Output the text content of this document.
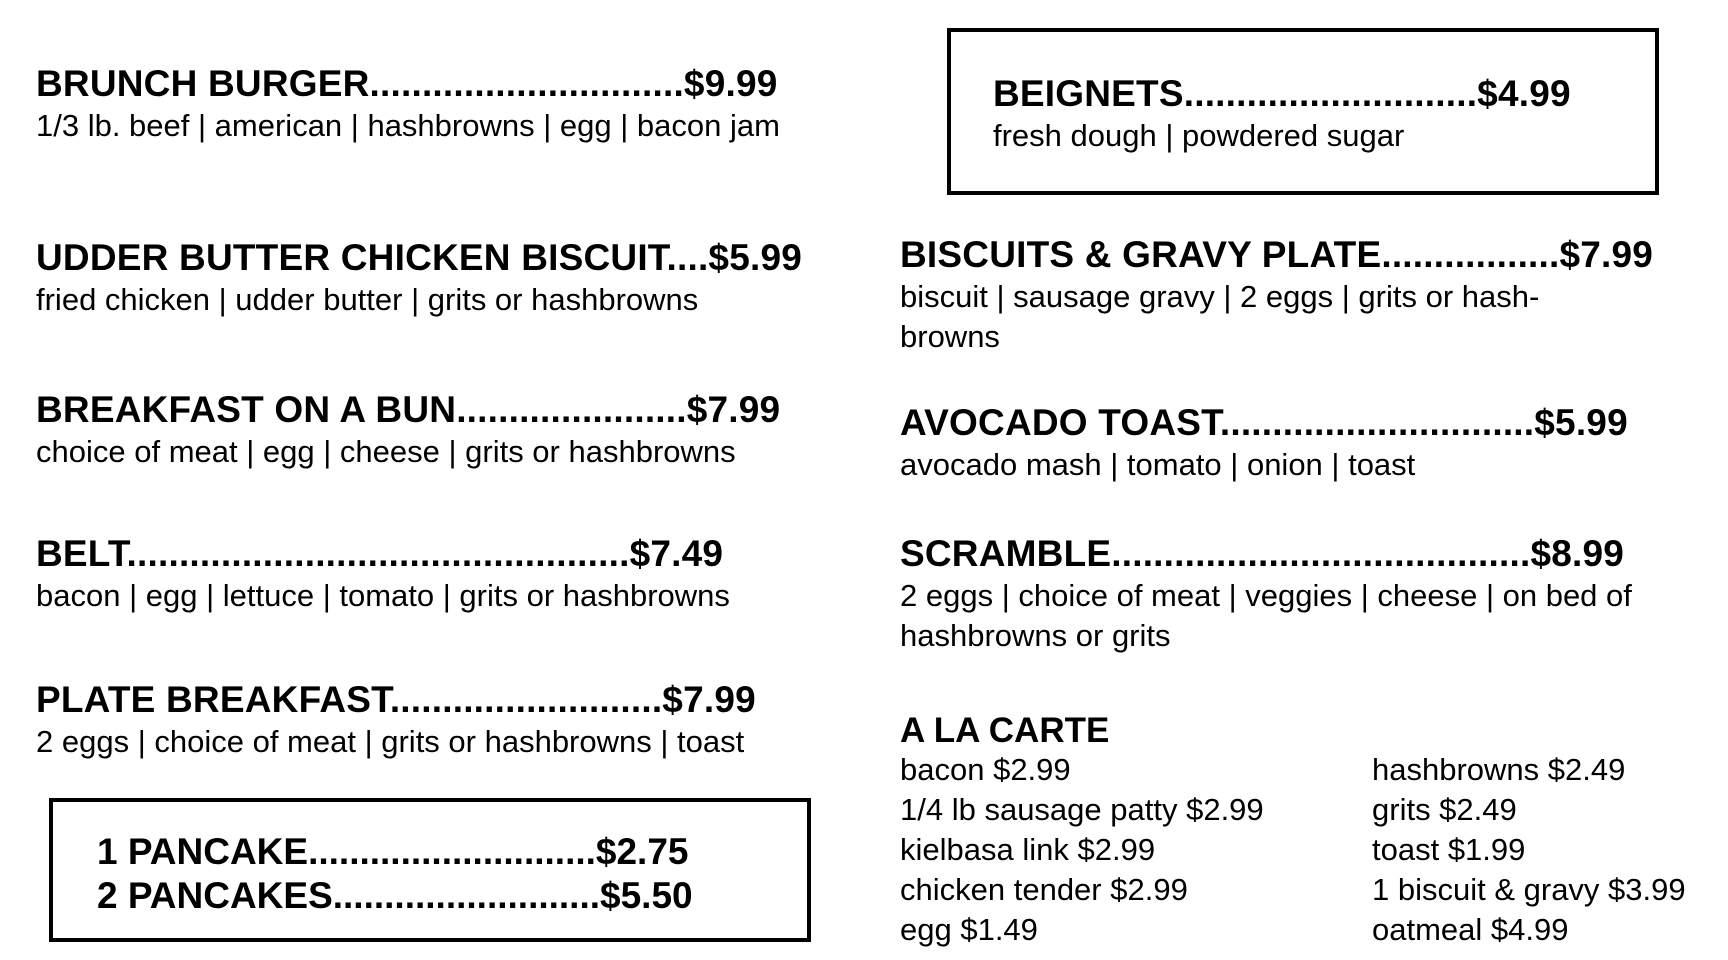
BRUNCH BURGER..............................$9.99
1/3 lb. beef | american | hashbrowns | egg | bacon jam
UDDER BUTTER CHICKEN BISCUIT....$5.99
fried chicken | udder butter | grits or hashbrowns
BREAKFAST ON A BUN......................$7.99
choice of meat | egg | cheese | grits or hashbrowns
BELT................................................$7.49
bacon | egg | lettuce | tomato | grits or hashbrowns
PLATE BREAKFAST..........................$7.99
2 eggs | choice of meat | grits or hashbrowns | toast
1 PANCAKE............................$2.75
2 PANCAKES..........................$5.50
BEIGNETS............................$4.99
fresh dough | powdered sugar
BISCUITS & GRAVY PLATE.................$7.99
biscuit | sausage gravy | 2 eggs | grits or hash-browns
AVOCADO TOAST..............................$5.99
avocado mash | tomato | onion | toast
SCRAMBLE........................................$8.99
2 eggs | choice of meat | veggies | cheese | on bed of hashbrowns or grits
A LA CARTE
bacon $2.99
1/4 lb sausage patty $2.99
kielbasa link $2.99
chicken tender $2.99
egg $1.49
hashbrowns $2.49
grits $2.49
toast $1.99
1 biscuit & gravy $3.99
oatmeal $4.99
